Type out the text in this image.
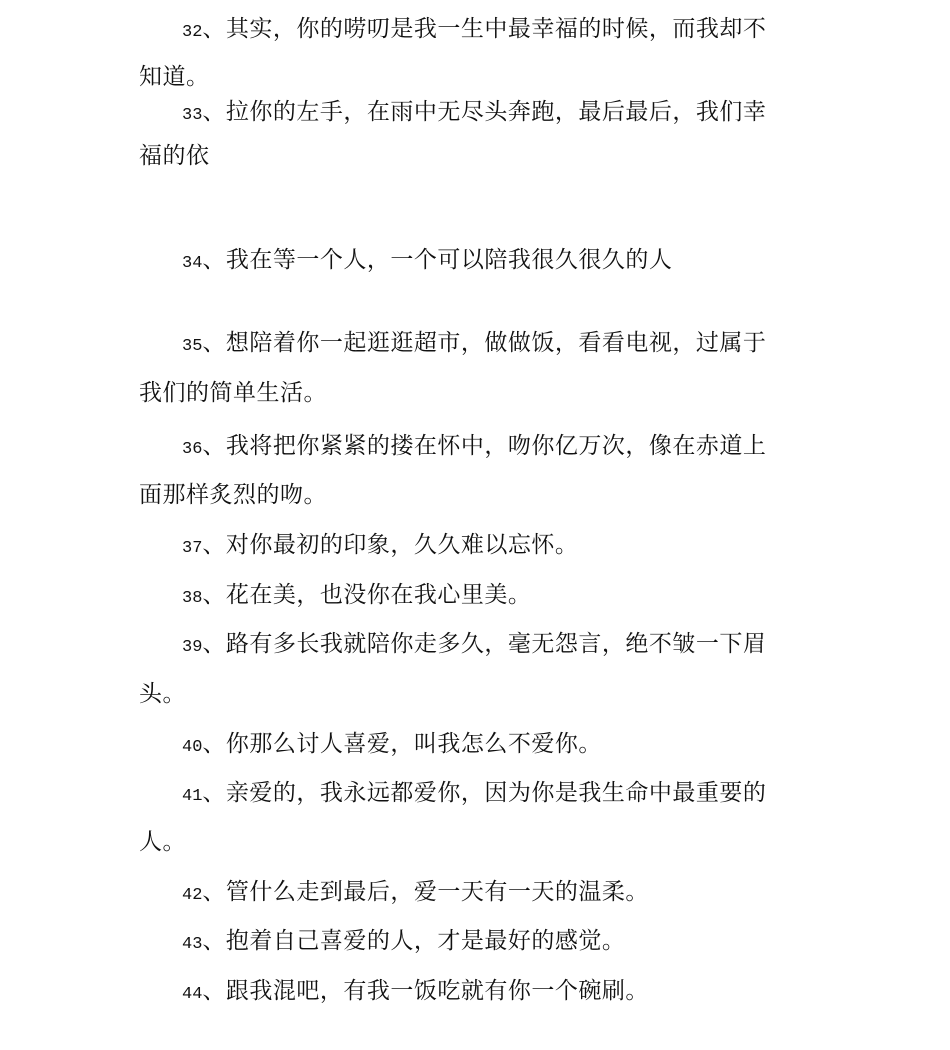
32、其实，你的唠叨是我一生中最幸福的时候，而我却不
知道。
33、拉你的左手，在雨中无尽头奔跑，最后最后，我们幸
福的依
34、我在等一个人，一个可以陪我很久很久的人
35、想陪着你一起逛逛超市，做做饭，看看电视，过属于
我们的简单生活。
36、我将把你紧紧的搂在怀中，吻你亿万次，像在赤道上
面那样炙烈的吻。
37、对你最初的印象，久久难以忘怀。
38、花在美，也没你在我心里美。
39、路有多长我就陪你走多久，毫无怨言，绝不皱一下眉
头。
40、你那么讨人喜爱，叫我怎么不爱你。
41、亲爱的，我永远都爱你，因为你是我生命中最重要的
人。
42、管什么走到最后，爱一天有一天的温柔。
43、抱着自己喜爱的人，才是最好的感觉。
44、跟我混吧，有我一饭吃就有你一个碗刷。
